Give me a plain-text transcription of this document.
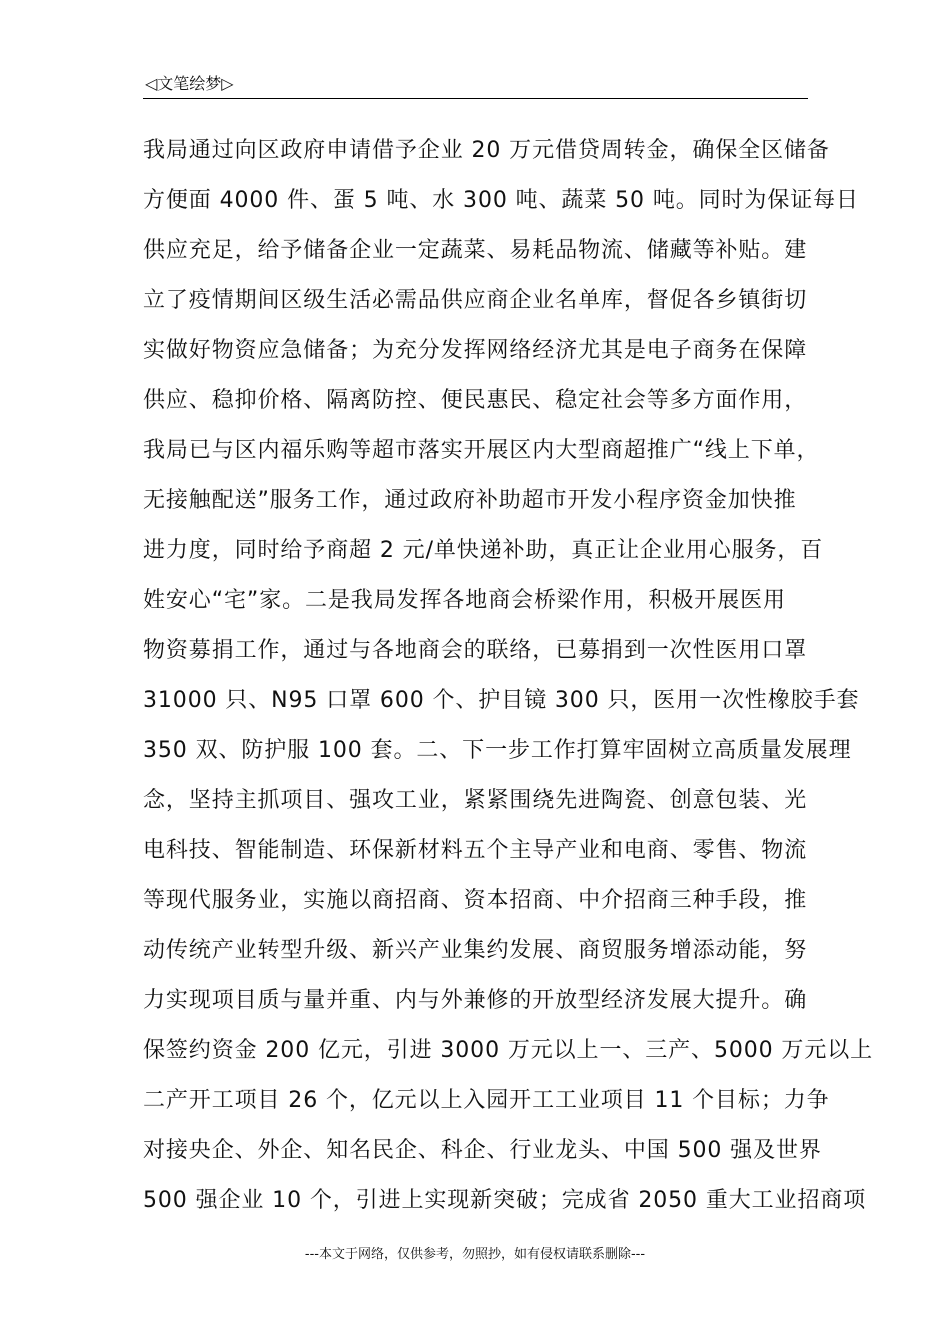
◁文笔绘梦▷
我局通过向区政府申请借予企业 20 万元借贷周转金，确保全区储备
方便面 4000 件、蛋 5 吨、水 300 吨、蔬菜 50 吨。同时为保证每日
供应充足，给予储备企业一定蔬菜、易耗品物流、储藏等补贴。建
立了疫情期间区级生活必需品供应商企业名单库，督促各乡镇街切
实做好物资应急储备；为充分发挥网络经济尤其是电子商务在保障
供应、稳抑价格、隔离防控、便民惠民、稳定社会等多方面作用，
我局已与区内福乐购等超市落实开展区内大型商超推广“线上下单，
无接触配送”服务工作，通过政府补助超市开发小程序资金加快推
进力度，同时给予商超 2 元/单快递补助，真正让企业用心服务，百
姓安心“宅”家。二是我局发挥各地商会桥梁作用，积极开展医用
物资募捐工作，通过与各地商会的联络，已募捐到一次性医用口罩
31000 只、N95 口罩 600 个、护目镜 300 只，医用一次性橡胶手套
350 双、防护服 100 套。二、下一步工作打算牢固树立高质量发展理
念，坚持主抓项目、强攻工业，紧紧围绕先进陶瓷、创意包装、光
电科技、智能制造、环保新材料五个主导产业和电商、零售、物流
等现代服务业，实施以商招商、资本招商、中介招商三种手段，推
动传统产业转型升级、新兴产业集约发展、商贸服务增添动能，努
力实现项目质与量并重、内与外兼修的开放型经济发展大提升。确
保签约资金 200 亿元，引进 3000 万元以上一、三产、5000 万元以上
二产开工项目 26 个，亿元以上入园开工工业项目 11 个目标；力争
对接央企、外企、知名民企、科企、行业龙头、中国 500 强及世界
500 强企业 10 个，引进上实现新突破；完成省 2050 重大工业招商项
---本文于网络，仅供参考，勿照抄，如有侵权请联系删除---
